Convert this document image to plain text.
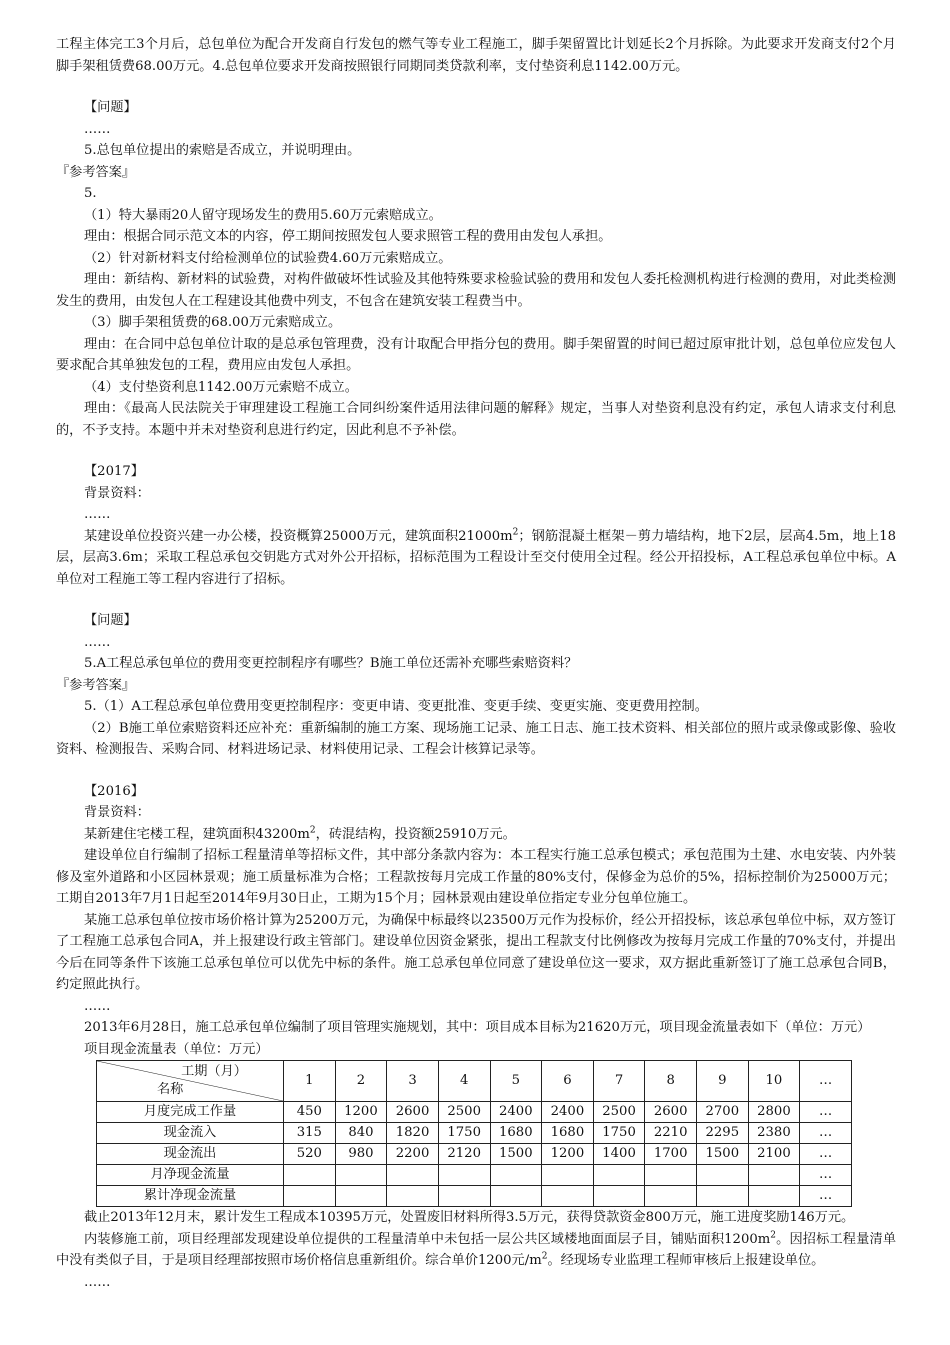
工程主体完工3个月后，总包单位为配合开发商自行发包的燃气等专业工程施工，脚手架留置比计划延长2个月拆除。为此要求开发商支付2个月脚手架租赁费68.00万元。4.总包单位要求开发商按照银行同期同类贷款利率，支付垫资利息1142.00万元。

【问题】

……

5.总包单位提出的索赔是否成立，并说明理由。

『参考答案』

5.

（1）特大暴雨20人留守现场发生的费用5.60万元索赔成立。

理由：根据合同示范文本的内容，停工期间按照发包人要求照管工程的费用由发包人承担。

（2）针对新材料支付给检测单位的试验费4.60万元索赔成立。

理由：新结构、新材料的试验费，对构件做破坏性试验及其他特殊要求检验试验的费用和发包人委托检测机构进行检测的费用，对此类检测发生的费用，由发包人在工程建设其他费中列支，不包含在建筑安装工程费当中。

（3）脚手架租赁费的68.00万元索赔成立。

理由：在合同中总包单位计取的是总承包管理费，没有计取配合甲指分包的费用。脚手架留置的时间已超过原审批计划，总包单位应发包人要求配合其单独发包的工程，费用应由发包人承担。

（4）支付垫资利息1142.00万元索赔不成立。

理由：《最高人民法院关于审理建设工程施工合同纠纷案件适用法律问题的解释》规定，当事人对垫资利息没有约定，承包人请求支付利息的，不予支持。本题中并未对垫资利息进行约定，因此利息不予补偿。

【2017】

背景资料：

……

某建设单位投资兴建一办公楼，投资概算25000万元，建筑面积$21000m^2$；钢筋混凝土框架－剪力墙结构，地下2层，层高4.5m，地上18层，层高3.6m；采取工程总承包交钥匙方式对外公开招标，招标范围为工程设计至交付使用全过程。经公开招投标，A工程总承包单位中标。A单位对工程施工等工程内容进行了招标。

【问题】

……

5.A工程总承包单位的费用变更控制程序有哪些？B施工单位还需补充哪些索赔资料？

『参考答案』

5.（1）A工程总承包单位费用变更控制程序：变更申请、变更批准、变更手续、变更实施、变更费用控制。

（2）B施工单位索赔资料还应补充：重新编制的施工方案、现场施工记录、施工日志、施工技术资料、相关部位的照片或录像或影像、验收资料、检测报告、采购合同、材料进场记录、材料使用记录、工程会计核算记录等。

【2016】

背景资料：

某新建住宅楼工程，建筑面积$43200m^2$，砖混结构，投资额25910万元。

建设单位自行编制了招标工程量清单等招标文件，其中部分条款内容为：本工程实行施工总承包模式；承包范围为土建、水电安装、内外装修及室外道路和小区园林景观；施工质量标准为合格；工程款按每月完成工作量的80%支付，保修金为总价的5%，招标控制价为25000万元；工期自2013年7月1日起至2014年9月30日止，工期为15个月；园林景观由建设单位指定专业分包单位施工。

某施工总承包单位按市场价格计算为25200万元，为确保中标最终以23500万元作为投标价，经公开招投标，该总承包单位中标，双方签订了工程施工总承包合同A，并上报建设行政主管部门。建设单位因资金紧张，提出工程款支付比例修改为按每月完成工作量的70%支付，并提出今后在同等条件下该施工总承包单位可以优先中标的条件。施工总承包单位同意了建设单位这一要求，双方据此重新签订了施工总承包合同B，约定照此执行。

……

2013年6月28日，施工总承包单位编制了项目管理实施规划，其中：项目成本目标为21620万元，项目现金流量表如下（单位：万元）

项目现金流量表（单位：万元）

工期（月）
名称	1	2	3	4	5	6	7	8	9	10	…
月度完成工作量	450	1200	2600	2500	2400	2400	2500	2600	2700	2800	…
现金流入	315	840	1820	1750	1680	1680	1750	2210	2295	2380	…
现金流出	520	980	2200	2120	1500	1200	1400	1700	1500	2100	…
月净现金流量											…
累计净现金流量											…

截止2013年12月末，累计发生工程成本10395万元，处置废旧材料所得3.5万元，获得贷款资金800万元，施工进度奖励146万元。

内装修施工前，项目经理部发现建设单位提供的工程量清单中未包括一层公共区域楼地面面层子目，铺贴面积$1200m^2$。因招标工程量清单中没有类似子目，于是项目经理部按照市场价格信息重新组价。综合单价1200元$/m^2$。经现场专业监理工程师审核后上报建设单位。

……
